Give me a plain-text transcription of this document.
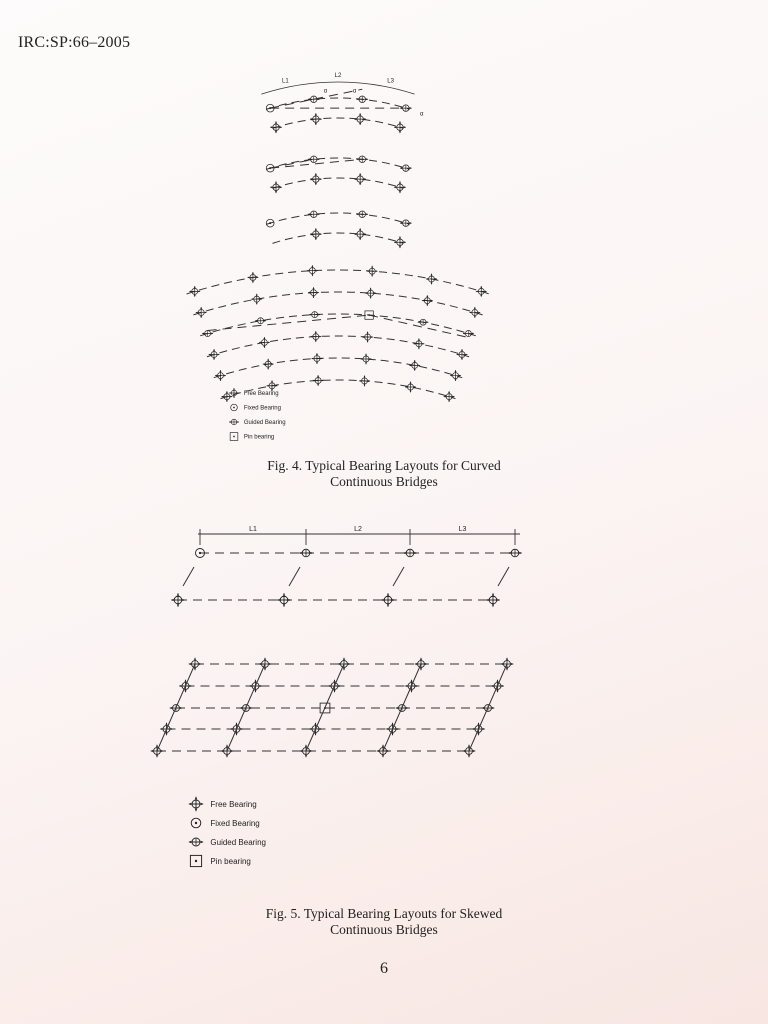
IRC:SP:66–2005
L1
L2
L3
α	α
α
L1	L2	L3
Free Bearing
Fixed Bearing
Guided Bearing
Pin bearing
Free Bearing
Fixed Bearing
Guided Bearing
Pin bearing
Fig. 4. Typical Bearing Layouts for Curved
Continuous Bridges
Fig. 5. Typical Bearing Layouts for Skewed
Continuous Bridges
6
